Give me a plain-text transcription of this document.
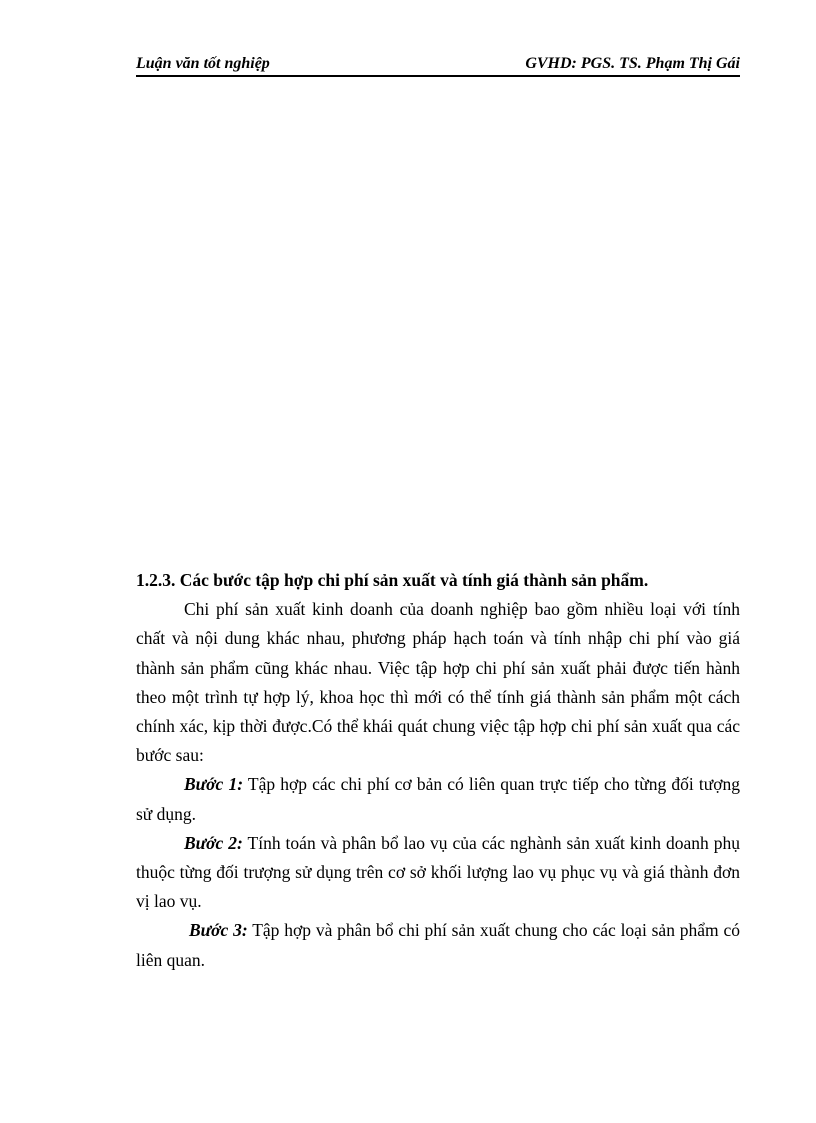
Luận văn tốt nghiệp	GVHD: PGS. TS. Phạm Thị Gái
1.2.3. Các bước tập hợp chi phí sản xuất và tính giá thành sản phẩm.

Chi phí sản xuất kinh doanh của doanh nghiệp bao gồm nhiều loại với tính chất và nội dung khác nhau, phương pháp hạch toán và tính nhập chi phí vào giá thành sản phẩm cũng khác nhau. Việc tập hợp chi phí sản xuất phải được tiến hành theo một trình tự hợp lý, khoa học thì mới có thể tính giá thành sản phẩm một cách chính xác, kịp thời được.Có thể khái quát chung việc tập hợp chi phí sản xuất qua các bước sau:

Bước 1: Tập hợp các chi phí cơ bản có liên quan trực tiếp cho từng đối tượng sử dụng.

Bước 2: Tính toán và phân bổ lao vụ của các nghành sản xuất kinh doanh phụ thuộc từng đối trượng sử dụng trên cơ sở khối lượng lao vụ phục vụ và giá thành đơn vị lao vụ.

Bước 3: Tập hợp và phân bổ chi phí sản xuất chung cho các loại sản phẩm có liên quan.
